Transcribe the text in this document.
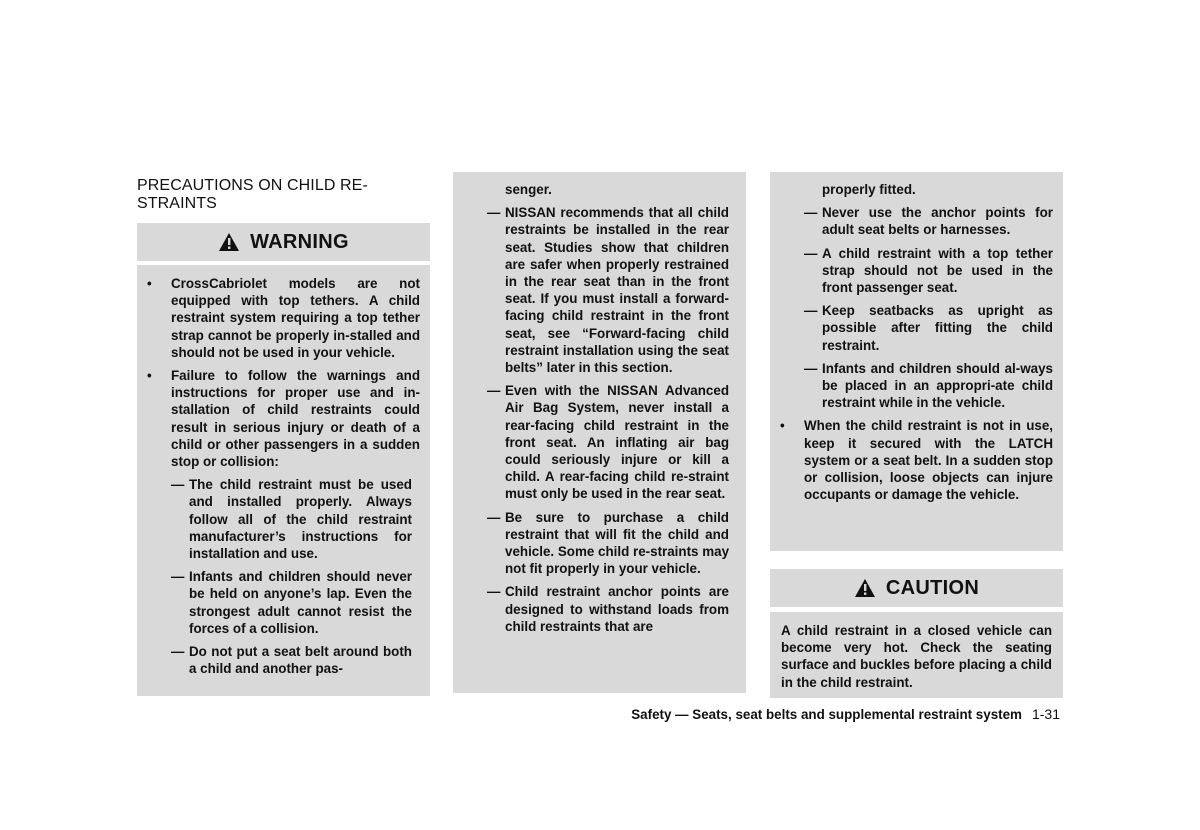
PRECAUTIONS ON CHILD RE-
STRAINTS
WARNING
• CrossCabriolet models are not equipped with top tethers. A child restraint system requiring a top tether strap cannot be properly in-stalled and should not be used in your vehicle.
• Failure to follow the warnings and instructions for proper use and in-stallation of child restraints could result in serious injury or death of a child or other passengers in a sudden stop or collision:
— The child restraint must be used and installed properly. Always follow all of the child restraint manufacturer’s instructions for installation and use.
— Infants and children should never be held on anyone’s lap. Even the strongest adult cannot resist the forces of a collision.
— Do not put a seat belt around both a child and another pas-
senger.
— NISSAN recommends that all child restraints be installed in the rear seat. Studies show that children are safer when properly restrained in the rear seat than in the front seat. If you must install a forward-facing child restraint in the front seat, see “Forward-facing child restraint installation using the seat belts” later in this section.
— Even with the NISSAN Advanced Air Bag System, never install a rear-facing child restraint in the front seat. An inflating air bag could seriously injure or kill a child. A rear-facing child re-straint must only be used in the rear seat.
— Be sure to purchase a child restraint that will fit the child and vehicle. Some child re-straints may not fit properly in your vehicle.
— Child restraint anchor points are designed to withstand loads from child restraints that are
properly fitted.
— Never use the anchor points for adult seat belts or harnesses.
— A child restraint with a top tether strap should not be used in the front passenger seat.
— Keep seatbacks as upright as possible after fitting the child restraint.
— Infants and children should al-ways be placed in an appropri-ate child restraint while in the vehicle.
• When the child restraint is not in use, keep it secured with the LATCH system or a seat belt. In a sudden stop or collision, loose objects can injure occupants or damage the vehicle.
CAUTION
A child restraint in a closed vehicle can become very hot. Check the seating surface and buckles before placing a child in the child restraint.
Safety — Seats, seat belts and supplemental restraint system 1-31
